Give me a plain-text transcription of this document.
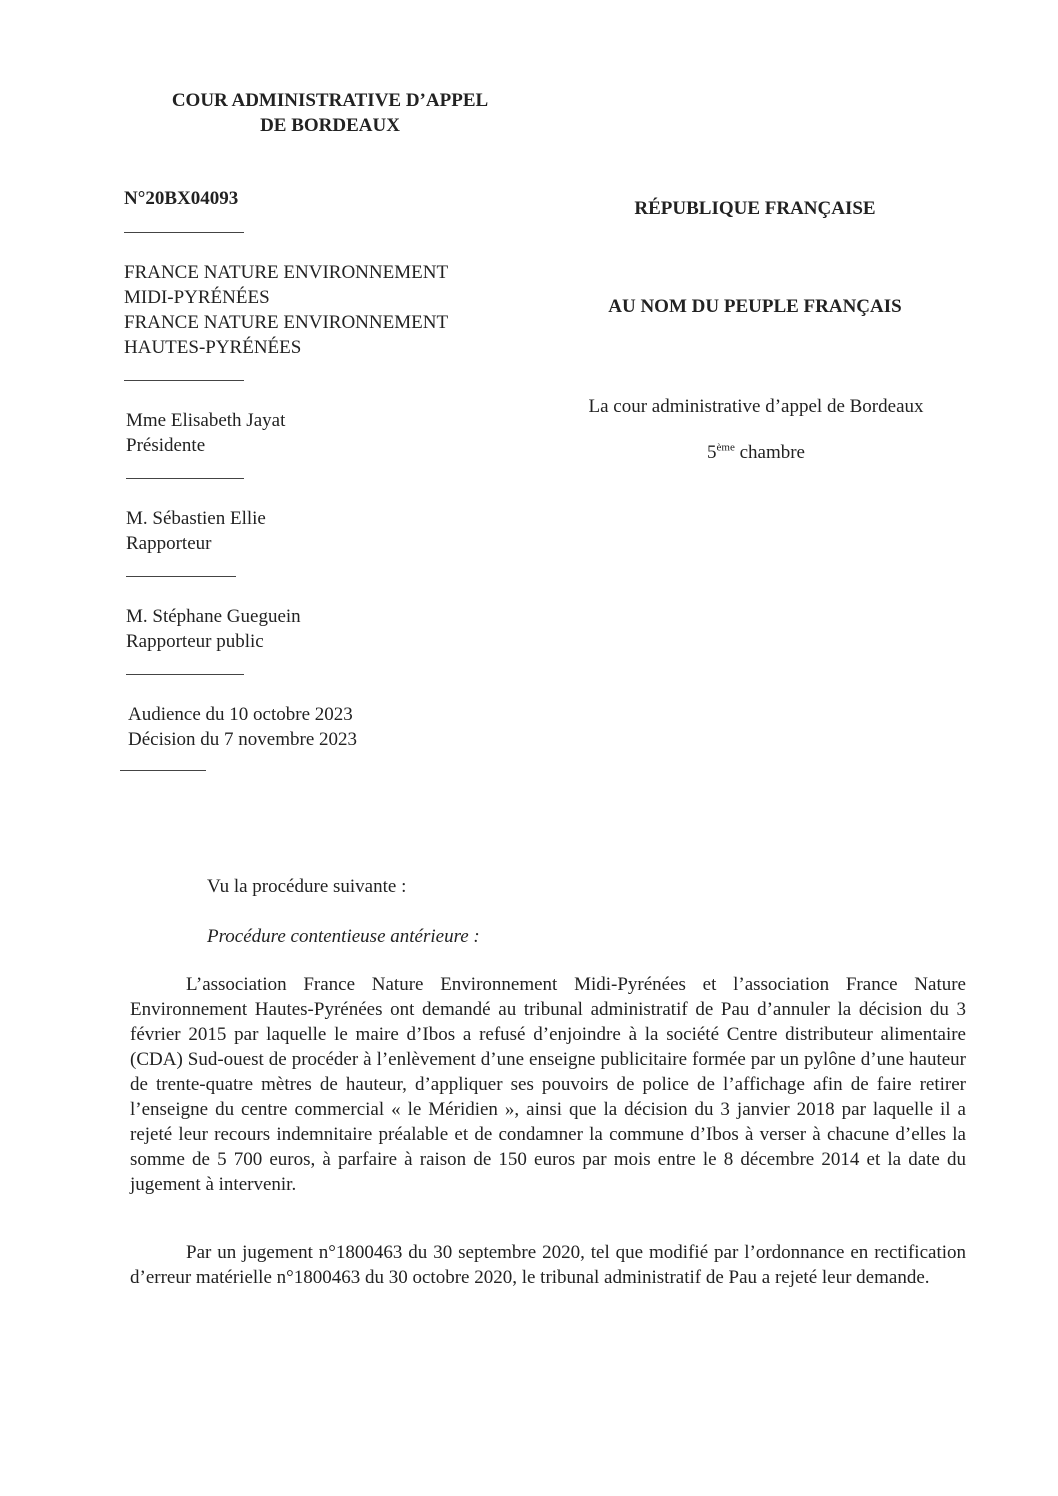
COUR ADMINISTRATIVE D’APPEL
DE BORDEAUX
N°20BX04093	RÉPUBLIQUE FRANÇAISE
AU NOM DU PEUPLE FRANÇAIS
FRANCE NATURE ENVIRONNEMENT
MIDI-PYRÉNÉES
FRANCE NATURE ENVIRONNEMENT
HAUTES-PYRÉNÉES
Mme Elisabeth Jayat
Présidente
La cour administrative d’appel de Bordeaux
5ème chambre
M. Sébastien Ellie
Rapporteur
M. Stéphane Gueguein
Rapporteur public
Audience du 10 octobre 2023
Décision du 7 novembre 2023
Vu la procédure suivante :
Procédure contentieuse antérieure :
L’association France Nature Environnement Midi-Pyrénées et l’association France Nature Environnement Hautes-Pyrénées ont demandé au tribunal administratif de Pau d’annuler la décision du 3 février 2015 par laquelle le maire d’Ibos a refusé d’enjoindre à la société Centre distributeur alimentaire (CDA) Sud-ouest de procéder à l’enlèvement d’une enseigne publicitaire formée par un pylône d’une hauteur de trente-quatre mètres de hauteur, d’appliquer ses pouvoirs de police de l’affichage afin de faire retirer l’enseigne du centre commercial « le Méridien », ainsi que la décision du 3 janvier 2018 par laquelle il a rejeté leur recours indemnitaire préalable et de condamner la commune d’Ibos à verser à chacune d’elles la somme de 5 700 euros, à parfaire à raison de 150 euros par mois entre le 8 décembre 2014 et la date du jugement à intervenir.
Par un jugement n°1800463 du 30 septembre 2020, tel que modifié par l’ordonnance en rectification d’erreur matérielle n°1800463 du 30 octobre 2020, le tribunal administratif de Pau a rejeté leur demande.
